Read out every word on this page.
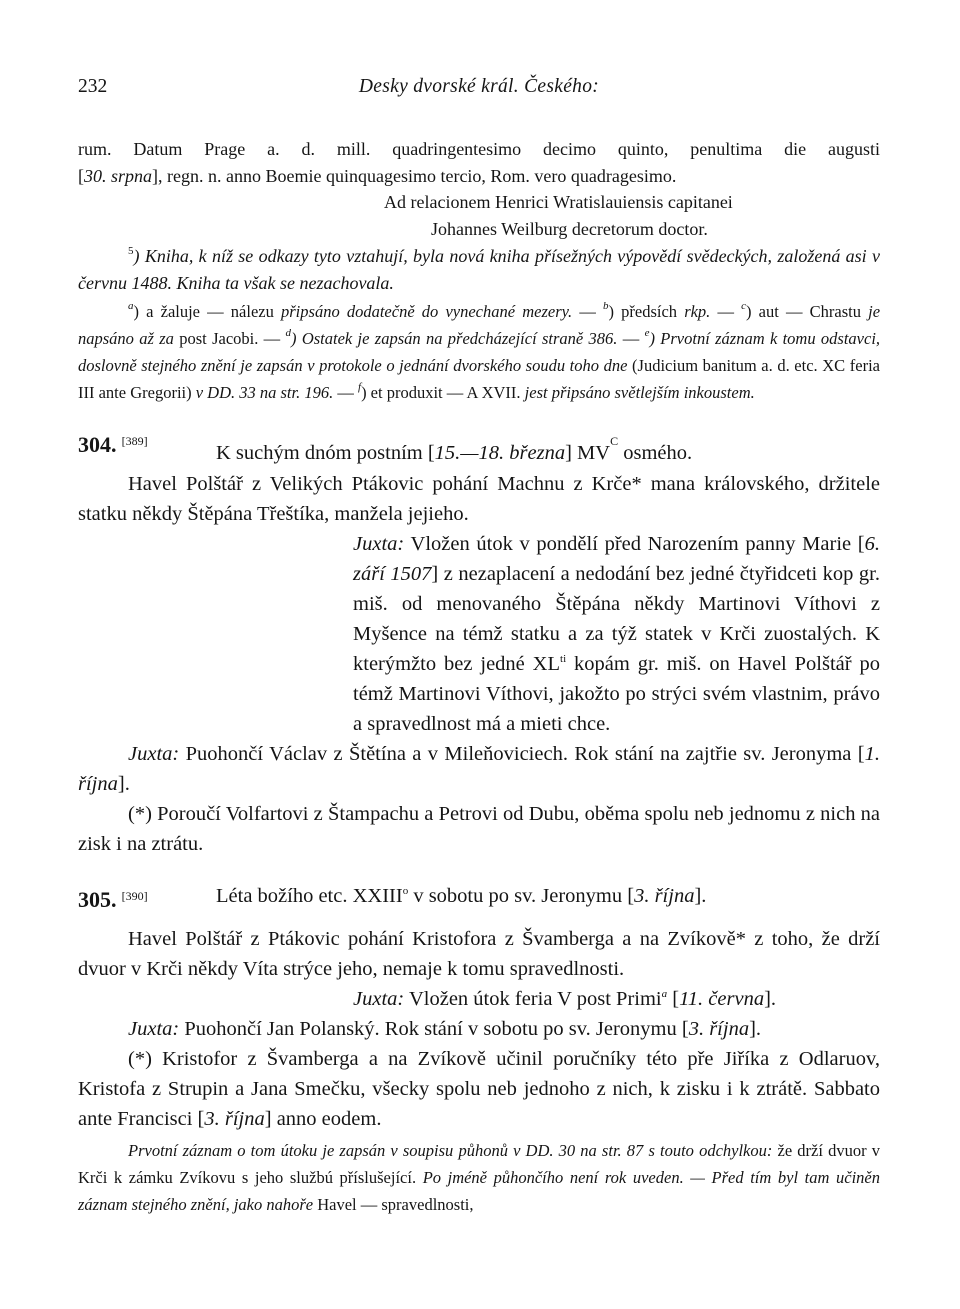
232	Desky dvorské král. Českého:

rum. Datum Prage a. d. mill. quadringentesimo decimo quinto, penultima die augusti

[30. srpna], regn. n. anno Boemie quinquagesimo tercio, Rom. vero quadragesimo.

Ad relacionem Henrici Wratislauiensis capitanei

Johannes Weilburg decretorum doctor.

$^5$) Kniha, k níž se odkazy tyto vztahují, byla nová kniha přísežných výpovědí svědeckých, založená asi v červnu 1488. Kniha ta však se nezachovala.

$^a$) a žaluje — nálezu připsáno dodatečně do vynechané mezery. — $^b$) předsích rkp. — $^c$) aut — Chrastu je napsáno až za post Jacobi. — $^d$) Ostatek je zapsán na předcházející straně 386. — $^e$) Prvotní záznam k tomu odstavci, doslovně stejného znění je zapsán v protokole o jednání dvorského soudu toho dne (Judicium banitum a. d. etc. XC feria III ante Gregorii) v DD. 33 na str. 196. — $^f$) et produxit — A XVII. jest připsáno světlejším inkoustem.

304. [389]
K suchým dnóm postním [15.—18. března] $MV^C$ osmého.

Havel Polštář z Velikých Ptákovic pohání Machnu z Krče* mana královského, držitele statku někdy Štěpána Třeštíka, manžela jejieho.

Juxta: Vložen útok v pondělí před Narozením panny Marie [6. září 1507] z nezaplacení a nedodání bez jedné čtyřidceti kop gr. miš. od menovaného Štěpána někdy Martinovi Víthovi z Myšence na témž statku a za týž statek v Krči zuostalých. K kterýmžto bez jedné $XL^{ti}$ kopám gr. miš. on Havel Polštář po témž Martinovi Víthovi, jakožto po strýci svém vlastnim, právo a spravedlnost má a mieti chce.

Juxta: Puohončí Václav z Štětína a v Mileňoviciech. Rok stání na zajtřie sv. Jeronyma [1. října].

(*) Poroučí Volfartovi z Štampachu a Petrovi od Dubu, oběma spolu neb jednomu z nich na zisk i na ztrátu.

305. [390]	Léta božího etc. XXIII$^o$ v sobotu po sv. Jeronymu [3. října].

Havel Polštář z Ptákovic pohání Kristofora z Švamberga a na Zvíkově* z toho, že drží dvuor v Krči někdy Víta strýce jeho, nemaje k tomu spravedlnosti.

Juxta: Vložen útok feria V post Primi$^a$ [11. června].

Juxta: Puohončí Jan Polanský. Rok stání v sobotu po sv. Jeronymu [3. října].

(*) Kristofor z Švamberga a na Zvíkově učinil poručníky této pře Jiříka z Odlaruov, Kristofa z Strupin a Jana Smečku, všecky spolu neb jednoho z nich, k zisku i k ztrátě. Sabbato ante Francisci [3. října] anno eodem.

Prvotní záznam o tom útoku je zapsán v soupisu půhonů v DD. 30 na str. 87 s touto odchylkou: že drží dvuor v Krči k zámku Zvíkovu s jeho službú příslušející. Po jméně půhončího není rok uveden. — Před tím byl tam učiněn záznam stejného znění, jako nahoře Havel — spravedlnosti,
